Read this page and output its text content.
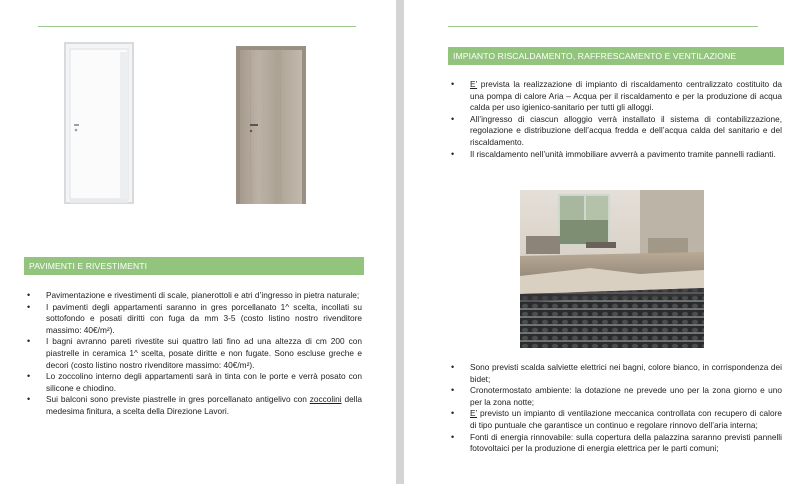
PAVIMENTI E RIVESTIMENTI
• Pavimentazione e rivestimenti di scale, pianerottoli e atri d’ingresso in pietra naturale;
• I pavimenti degli appartamenti saranno in gres porcellanato 1^ scelta, incollati su sottofondo e posati diritti con fuga da mm 3-5 (costo listino nostro rivenditore massimo: 40€/m²).
• I bagni avranno pareti rivestite sui quattro lati fino ad una altezza di cm 200 con piastrelle in ceramica 1^ scelta, posate diritte e non fugate. Sono escluse greche e decori (costo listino nostro rivenditore massimo: 40€/m²).
• Lo zoccolino interno degli appartamenti sarà in tinta con le porte e verrà posato con silicone e chiodino.
• Sui balconi sono previste piastrelle in gres porcellanato antigelivo con zoccolini della medesima finitura, a scelta della Direzione Lavori.
IMPIANTO RISCALDAMENTO, RAFFRESCAMENTO E VENTILAZIONE
• E’ prevista la realizzazione di impianto di riscaldamento centralizzato costituito da una pompa di calore Aria – Acqua per il riscaldamento e per la produzione di acqua calda per uso igienico-sanitario per tutti gli alloggi.
• All’ingresso di ciascun alloggio verrà installato il sistema di contabilizzazione, regolazione e distribuzione dell’acqua fredda e dell’acqua calda del sanitario e del riscaldamento.
• Il riscaldamento nell’unità immobiliare avverrà a pavimento tramite pannelli radianti.
• Sono previsti scalda salviette elettrici nei bagni, colore bianco, in corrispondenza dei bidet;
• Cronotermostato ambiente: la dotazione ne prevede uno per la zona giorno e uno per la zona notte;
• E’ previsto un impianto di ventilazione meccanica controllata con recupero di calore di tipo puntuale che garantisce un continuo e regolare rinnovo dell’aria interna;
• Fonti di energia rinnovabile: sulla copertura della palazzina saranno previsti pannelli fotovoltaici per la produzione di energia elettrica per le parti comuni;
